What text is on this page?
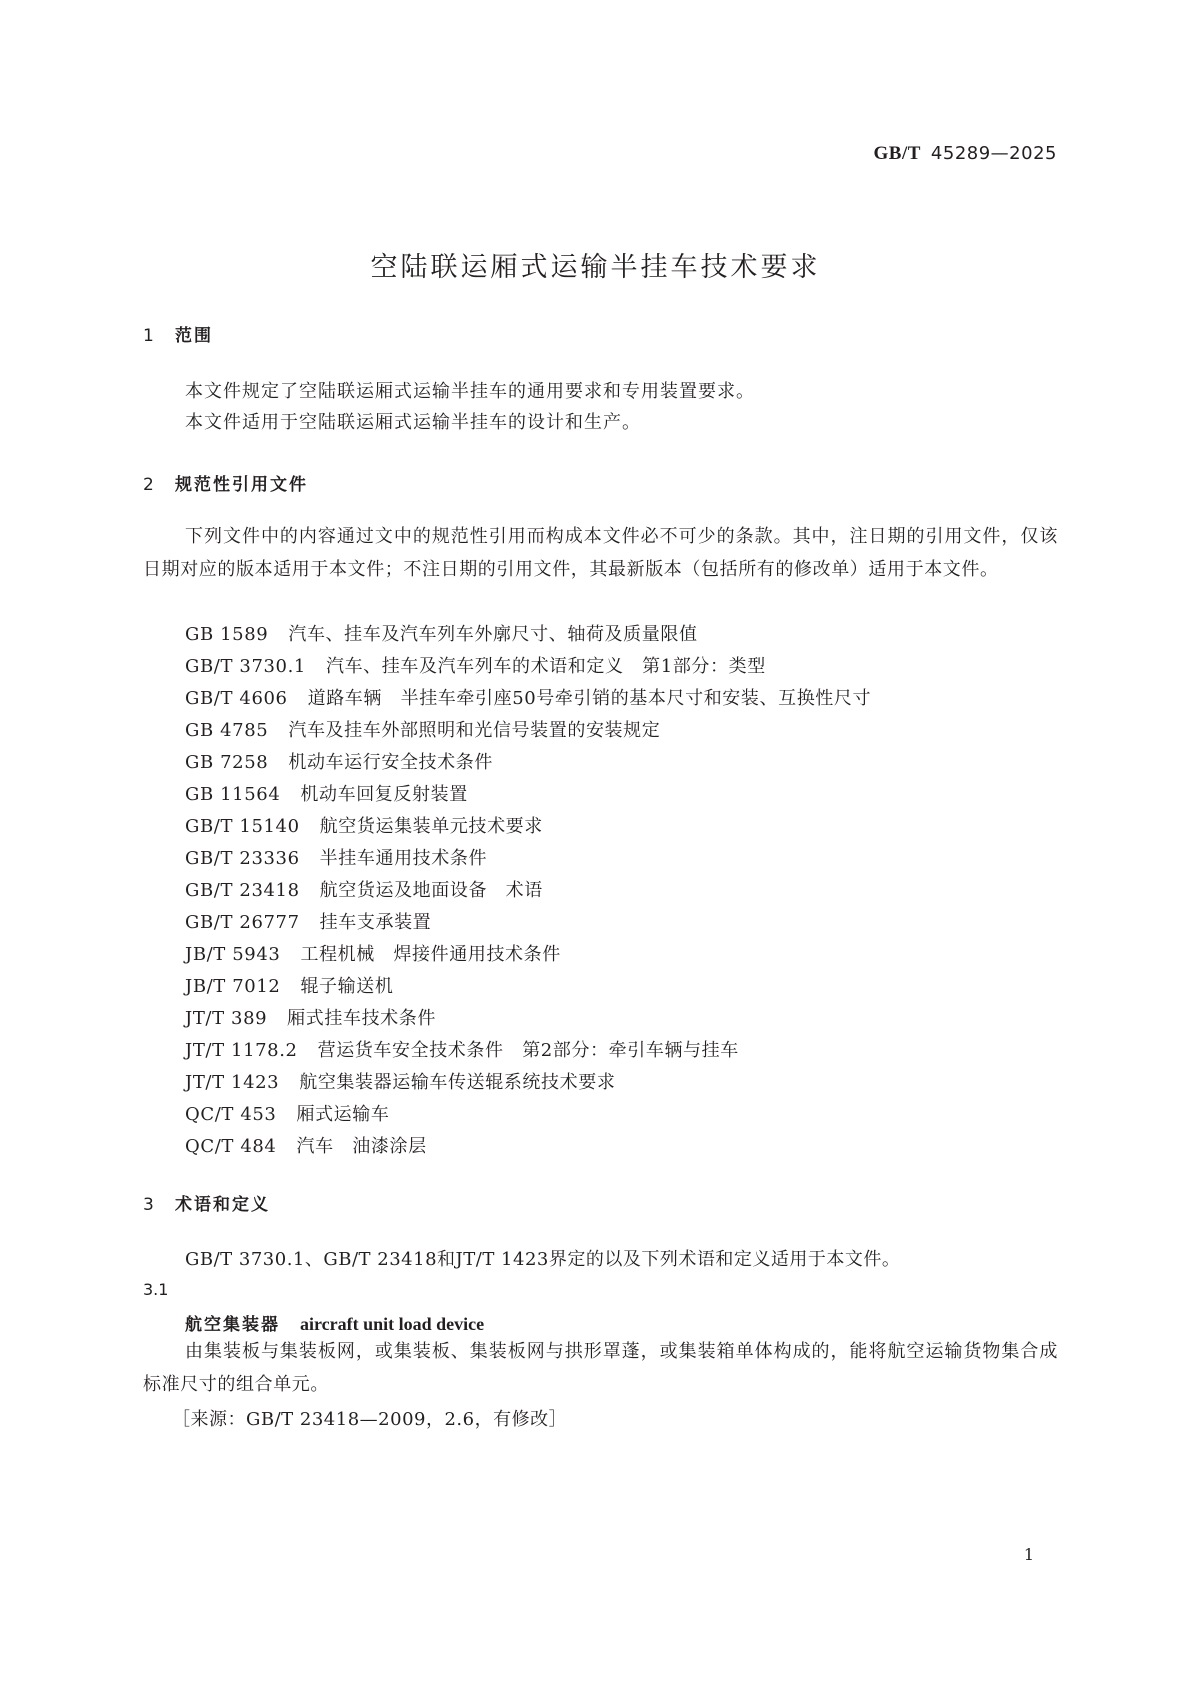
GB/T 45289—2025
空陆联运厢式运输半挂车技术要求
1 范围
本文件规定了空陆联运厢式运输半挂车的通用要求和专用装置要求。
本文件适用于空陆联运厢式运输半挂车的设计和生产。
2 规范性引用文件

下列文件中的内容通过文中的规范性引用而构成本文件必不可少的条款。其中，注日期的引用文件，仅该日期对应的版本适用于本文件；不注日期的引用文件，其最新版本（包括所有的修改单）适用于本文件。

GB 1589 汽车、挂车及汽车列车外廓尺寸、轴荷及质量限值
GB/T 3730.1 汽车、挂车及汽车列车的术语和定义　第1部分：类型
GB/T 4606 道路车辆　半挂车牵引座50号牵引销的基本尺寸和安装、互换性尺寸
GB 4785 汽车及挂车外部照明和光信号装置的安装规定
GB 7258 机动车运行安全技术条件
GB 11564 机动车回复反射装置
GB/T 15140 航空货运集装单元技术要求
GB/T 23336 半挂车通用技术条件
GB/T 23418 航空货运及地面设备　术语
GB/T 26777 挂车支承装置
JB/T 5943 工程机械　焊接件通用技术条件
JB/T 7012 辊子输送机
JT/T 389 厢式挂车技术条件
JT/T 1178.2 营运货车安全技术条件　第2部分：牵引车辆与挂车
JT/T 1423 航空集装器运输车传送辊系统技术要求
QC/T 453 厢式运输车
QC/T 484 汽车　油漆涂层
3 术语和定义
GB/T 3730.1、GB/T 23418和JT/T 1423界定的以及下列术语和定义适用于本文件。
3.1
航空集装器 aircraft unit load device

由集装板与集装板网，或集装板、集装板网与拱形罩蓬，或集装箱单体构成的，能将航空运输货物集合成标准尺寸的组合单元。

［来源：GB/T 23418—2009，2.6，有修改］
1
